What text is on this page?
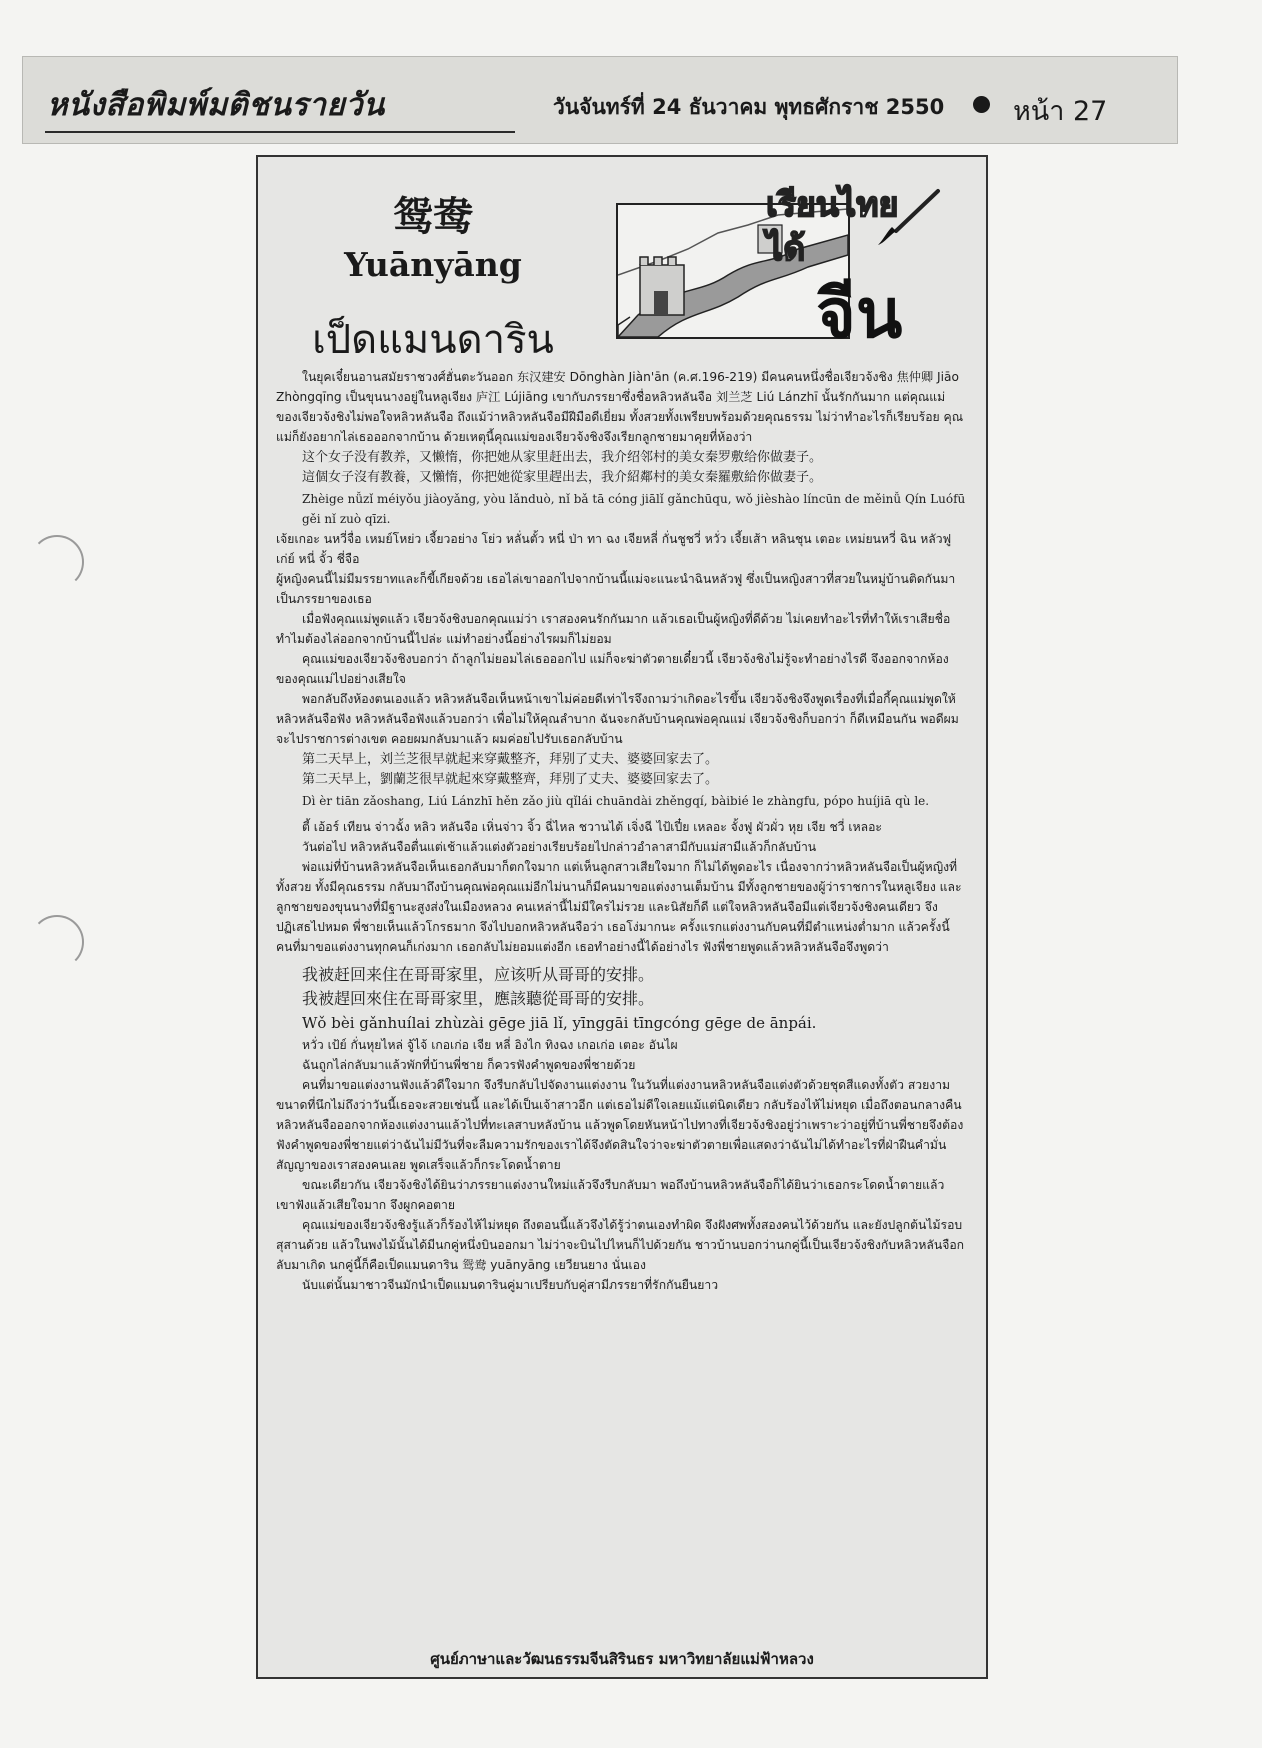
หนังสือพิมพ์มติชนรายวัน	วันจันทร์ที่ 24 ธันวาคม พุทธศักราช 2550	หน้า 27
鸳鸯
Yuānyāng
เป็ดแมนดาริน
เรียนไทย
ได้
จีน

ในยุคเจี๋ยนอานสมัยราชวงศ์ฮั่นตะวันออก 东汉建安 Dōnghàn Jiàn'ān (ค.ศ.196-219) มีคนคนหนึ่งชื่อเจียวจ้งชิง 焦仲卿 Jiāo Zhòngqīng เป็นขุนนางอยู่ในหลูเจียง 庐江 Lújiāng เขากับภรรยาซึ่งชื่อหลิวหลันจือ 刘兰芝 Liú Lánzhī นั้นรักกันมาก แต่คุณแม่ของเจียวจ้งชิงไม่พอใจหลิวหลันจือ ถึงแม้ว่าหลิวหลันจือมีฝีมือดีเยี่ยม ทั้งสวยทั้งเพรียบพร้อมด้วยคุณธรรม ไม่ว่าทำอะไรก็เรียบร้อย คุณแม่ก็ยังอยากไล่เธอออกจากบ้าน ด้วยเหตุนี้คุณแม่ของเจียวจ้งชิงจึงเรียกลูกชายมาคุยที่ห้องว่า

这个女子没有教养，又懒惰，你把她从家里赶出去，我介绍邻村的美女秦罗敷给你做妻子。
這個女子沒有教養，又懶惰，你把她從家里趕出去，我介紹鄰村的美女秦羅敷給你做妻子。
Zhèige nǚzǐ méiyǒu jiàoyǎng, yòu lǎnduò, nǐ bǎ tā cóng jiālǐ gǎnchūqu, wǒ jièshào líncūn de měinǚ Qín Luófū gěi nǐ zuò qīzi.

เจ้ยเกอะ นหวี่จื่อ เหมย์โหย่ว เจี้ยวอย่าง โย่ว หลั่นตั้ว หนี่ ป่า ทา ฉง เจียหลี่ กั่นชูชวี่ หวั่ว เจี้ยเส้า หลินชุน เตอะ เหม่ยนหวี่ ฉิน หลัวฟู เก่ย์ หนี่ จั้ว ชี่จือ

ผู้หญิงคนนี้ไม่มีมรรยาทและก็ขี้เกียจด้วย เธอไล่เขาออกไปจากบ้านนี้แม่จะแนะนำฉินหลัวฟู ซึ่งเป็นหญิงสาวที่สวยในหมู่บ้านติดกันมาเป็นภรรยาของเธอ

เมื่อฟังคุณแม่พูดแล้ว เจียวจ้งชิงบอกคุณแม่ว่า เราสองคนรักกันมาก แล้วเธอเป็นผู้หญิงที่ดีด้วย ไม่เคยทำอะไรที่ทำให้เราเสียชื่อ ทำไมต้องไล่ออกจากบ้านนี้ไปล่ะ แม่ทำอย่างนี้อย่างไรผมก็ไม่ยอม

คุณแม่ของเจียวจ้งชิงบอกว่า ถ้าลูกไม่ยอมไล่เธอออกไป แม่ก็จะฆ่าตัวตายเดี๋ยวนี้ เจียวจ้งชิงไม่รู้จะทำอย่างไรดี จึงออกจากห้องของคุณแม่ไปอย่างเสียใจ

พอกลับถึงห้องตนเองแล้ว หลิวหลันจือเห็นหน้าเขาไม่ค่อยดีเท่าไรจึงถามว่าเกิดอะไรขึ้น เจียวจ้งชิงจึงพูดเรื่องที่เมื่อกี้คุณแม่พูดให้หลิวหลันจือฟัง หลิวหลันจือฟังแล้วบอกว่า เพื่อไม่ให้คุณลำบาก ฉันจะกลับบ้านคุณพ่อคุณแม่ เจียวจ้งชิงก็บอกว่า ก็ดีเหมือนกัน พอดีผมจะไปราชการต่างเขต คอยผมกลับมาแล้ว ผมค่อยไปรับเธอกลับบ้าน

第二天早上，刘兰芝很早就起来穿戴整齐，拜别了丈夫、婆婆回家去了。
第二天早上，劉蘭芝很早就起來穿戴整齊，拜別了丈夫、婆婆回家去了。
Dì èr tiān zǎoshang, Liú Lánzhī hěn zǎo jiù qǐlái chuāndài zhěngqí, bàibié le zhàngfu, pópo huíjiā qù le.

ตี้ เอ้อร์ เทียน จ่าวฉั้ง หลิว หลันจือ เหิ่นจ่าว จิ้ว ฉี่ไหล ชวานไต้ เจิ่งฉี ไป้เปี๋ย เหลอะ จั้งฟู ผัวผั่ว หุย เจีย ชวี่ เหลอะ

วันต่อไป หลิวหลันจือตื่นแต่เช้าแล้วแต่งตัวอย่างเรียบร้อยไปกล่าวอำลาสามีกับแม่สามีแล้วก็กลับบ้าน

พ่อแม่ที่บ้านหลิวหลันจือเห็นเธอกลับมาก็ตกใจมาก แต่เห็นลูกสาวเสียใจมาก ก็ไม่ได้พูดอะไร เนื่องจากว่าหลิวหลันจือเป็นผู้หญิงที่ทั้งสวย ทั้งมีคุณธรรม กลับมาถึงบ้านคุณพ่อคุณแม่อีกไม่นานก็มีคนมาขอแต่งงานเต็มบ้าน มีทั้งลูกชายของผู้ว่าราชการในหลูเจียง และลูกชายของขุนนางที่มีฐานะสูงส่งในเมืองหลวง คนเหล่านี้ไม่มีใครไม่รวย และนิสัยก็ดี แต่ใจหลิวหลันจือมีแต่เจียวจ้งชิงคนเดียว จึงปฏิเสธไปหมด พี่ชายเห็นแล้วโกรธมาก จึงไปบอกหลิวหลันจือว่า เธอโง่มากนะ ครั้งแรกแต่งงานกับคนที่มีตำแหน่งต่ำมาก แล้วครั้งนี้ คนที่มาขอแต่งงานทุกคนก็เก่งมาก เธอกลับไม่ยอมแต่งอีก เธอทำอย่างนี้ได้อย่างไร ฟังพี่ชายพูดแล้วหลิวหลันจือจึงพูดว่า

我被赶回来住在哥哥家里，应该听从哥哥的安排。
我被趕回來住在哥哥家里，應該聽從哥哥的安排。
Wǒ bèi gǎnhuílai zhùzài gēge jiā lǐ, yīnggāi tīngcóng gēge de ānpái.

หวั่ว เป้ย์ กั่นหุยไหล่ จู้ไจ้ เกอเก่อ เจีย หลี่ อิงไก ทิงฉง เกอเก่อ เตอะ อันไผ

ฉันถูกไล่กลับมาแล้วพักที่บ้านพี่ชาย ก็ควรฟังคำพูดของพี่ชายด้วย

คนที่มาขอแต่งงานฟังแล้วดีใจมาก จึงรีบกลับไปจัดงานแต่งงาน ในวันที่แต่งงานหลิวหลันจือแต่งตัวด้วยชุดสีแดงทั้งตัว สวยงามขนาดที่นึกไม่ถึงว่าวันนี้เธอจะสวยเช่นนี้ และได้เป็นเจ้าสาวอีก แต่เธอไม่ดีใจเลยแม้แต่นิดเดียว กลับร้องไห้ไม่หยุด เมื่อถึงตอนกลางคืน หลิวหลันจือออกจากห้องแต่งงานแล้วไปที่ทะเลสาบหลังบ้าน แล้วพูดโดยหันหน้าไปทางที่เจียวจ้งชิงอยู่ว่าเพราะว่าอยู่ที่บ้านพี่ชายจึงต้องฟังคำพูดของพี่ชายแต่ว่าฉันไม่มีวันที่จะลืมความรักของเราได้จึงตัดสินใจว่าจะฆ่าตัวตายเพื่อแสดงว่าฉันไม่ได้ทำอะไรที่ฝ่าฝืนคำมั่นสัญญาของเราสองคนเลย พูดเสร็จแล้วก็กระโดดน้ำตาย

ขณะเดียวกัน เจียวจ้งชิงได้ยินว่าภรรยาแต่งงานใหม่แล้วจึงรีบกลับมา พอถึงบ้านหลิวหลันจือก็ได้ยินว่าเธอกระโดดน้ำตายแล้ว เขาฟังแล้วเสียใจมาก จึงผูกคอตาย

คุณแม่ของเจียวจ้งชิงรู้แล้วก็ร้องไห้ไม่หยุด ถึงตอนนี้แล้วจึงได้รู้ว่าตนเองทำผิด จึงฝังศพทั้งสองคนไว้ด้วยกัน และยังปลูกต้นไม้รอบสุสานด้วย แล้วในพงไม้นั้นได้มีนกคู่หนึ่งบินออกมา ไม่ว่าจะบินไปไหนก็ไปด้วยกัน ชาวบ้านบอกว่านกคู่นี้เป็นเจียวจ้งชิงกับหลิวหลันจือกลับมาเกิด นกคู่นี้ก็คือเป็ดแมนดาริน 鸳鸯 yuānyāng เยวียนยาง นั่นเอง

นับแต่นั้นมาชาวจีนมักนำเป็ดแมนดารินคู่มาเปรียบกับคู่สามีภรรยาที่รักกันยืนยาว

ศูนย์ภาษาและวัฒนธรรมจีนสิรินธร มหาวิทยาลัยแม่ฟ้าหลวง
